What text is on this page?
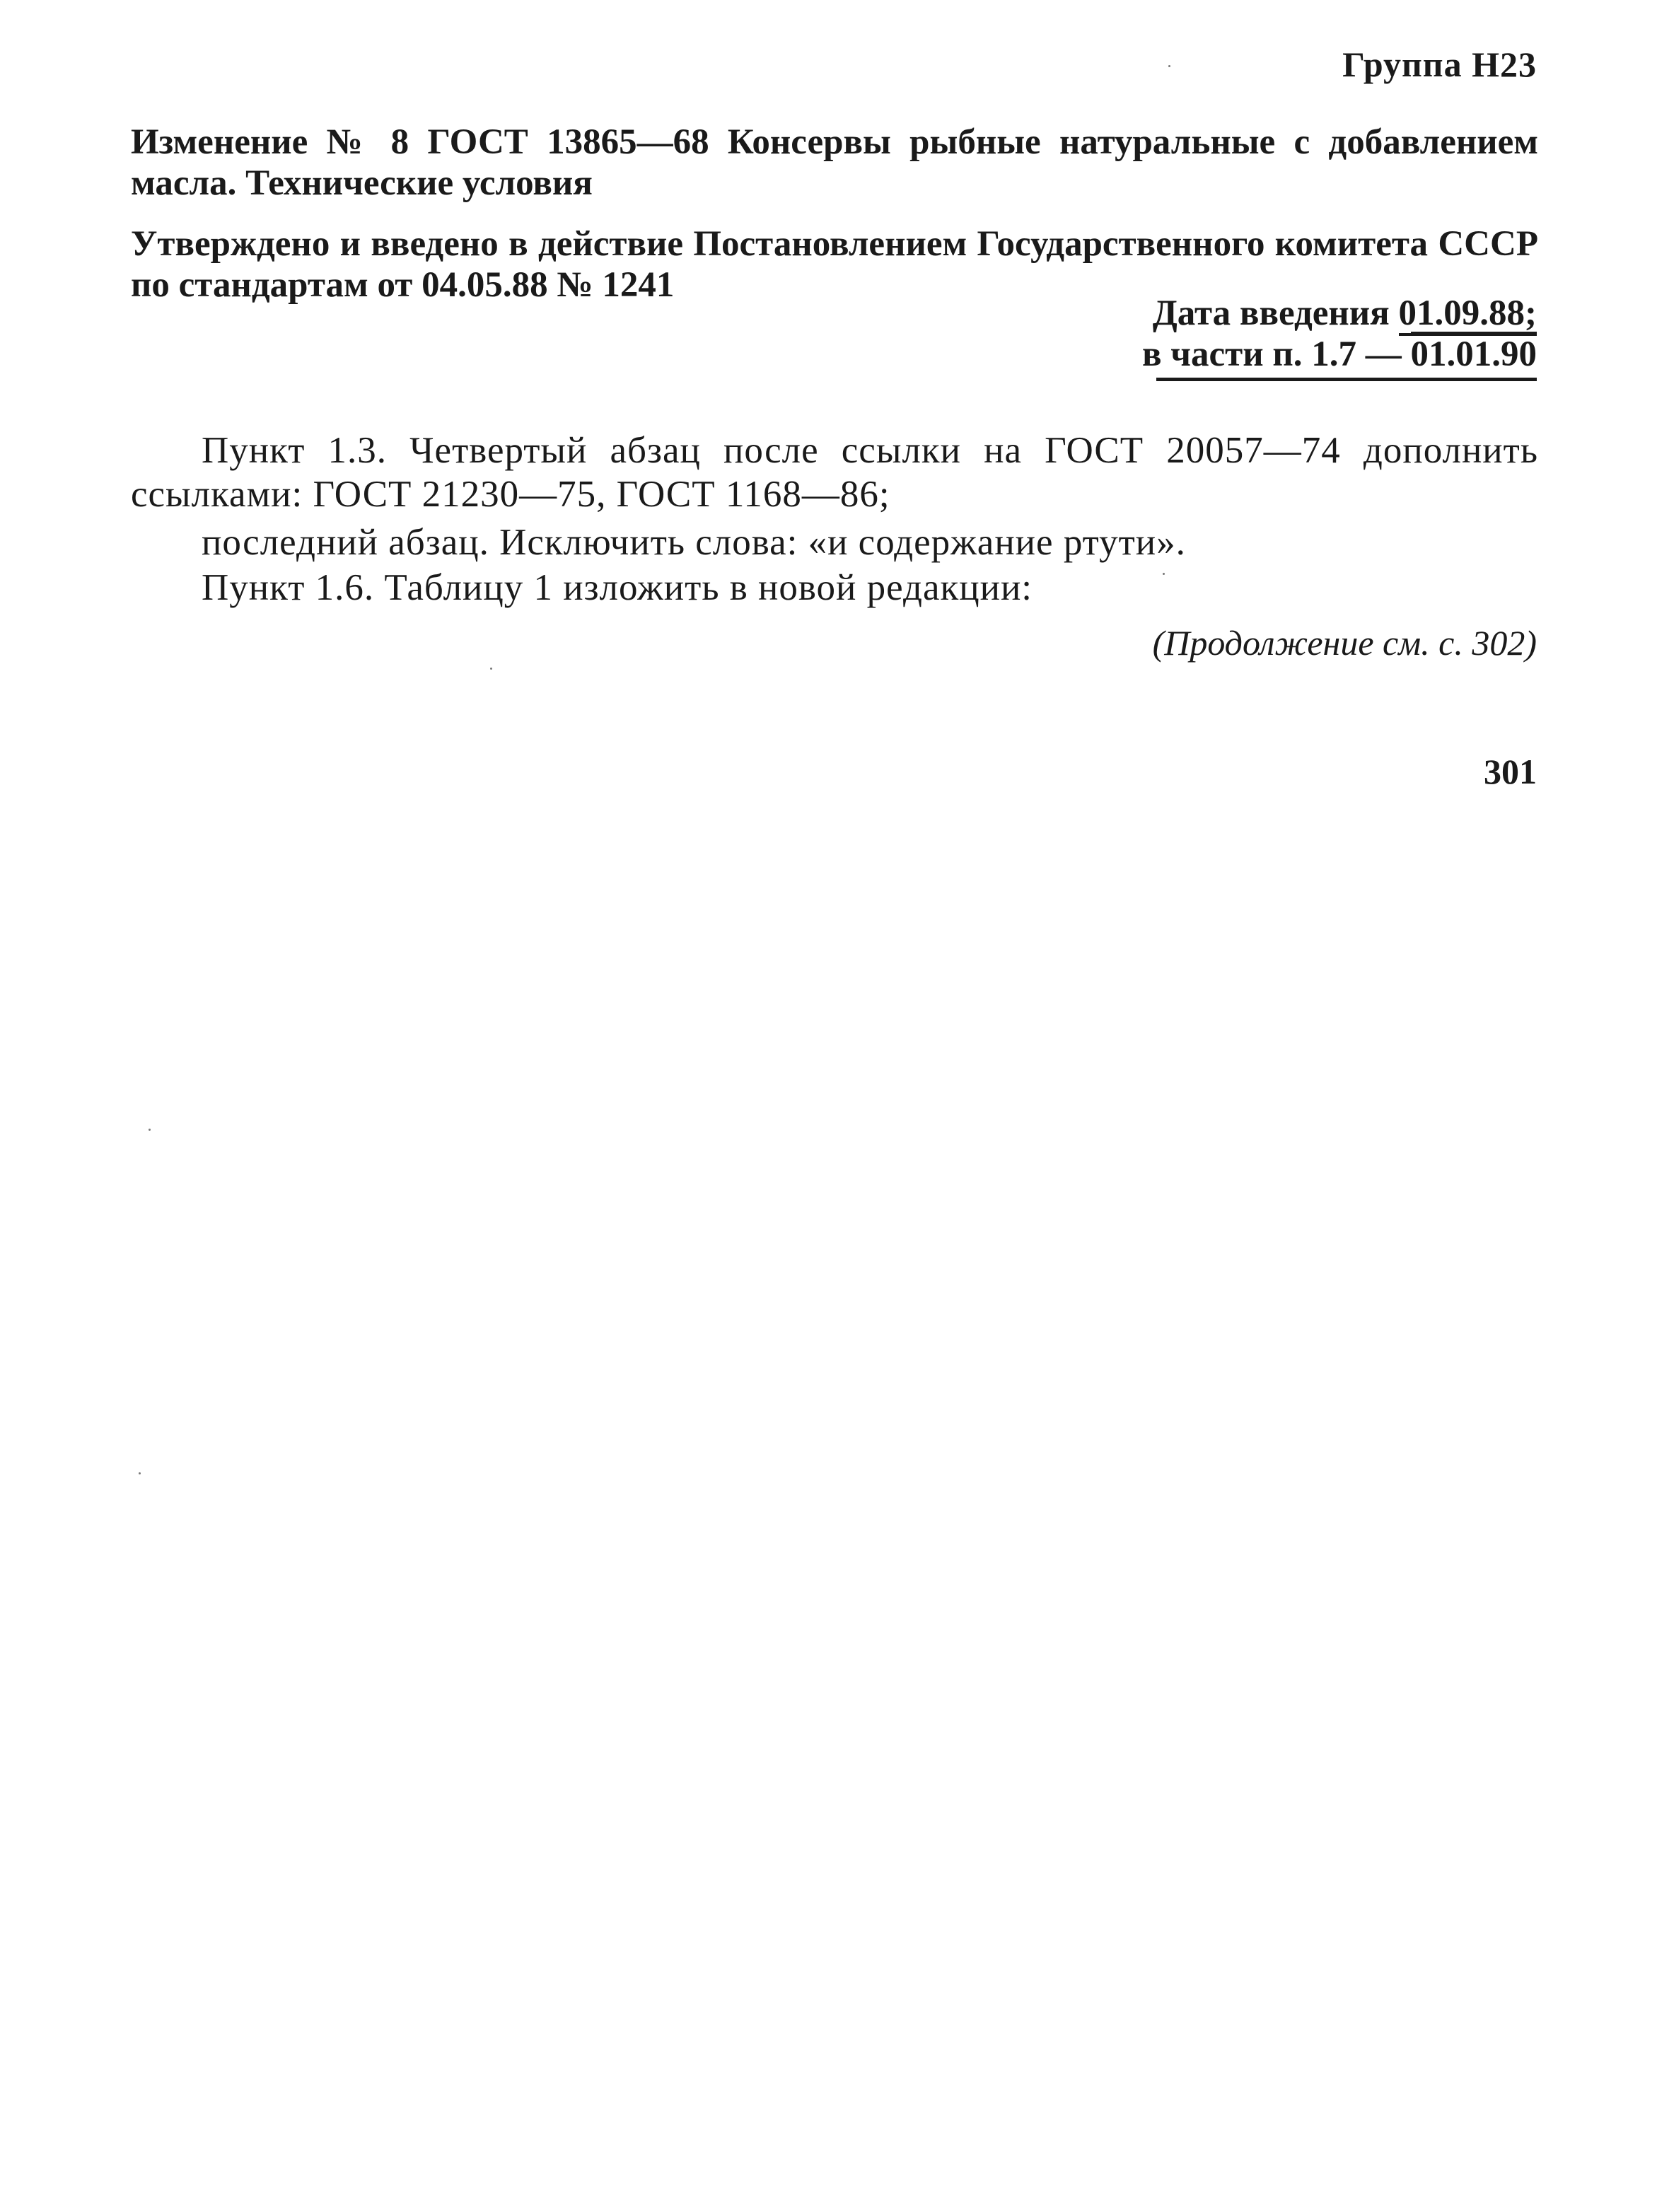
Группа Н23
Изменение № 8 ГОСТ 13865—68 Консервы рыбные натуральные с добавлением масла. Технические условия
Утверждено и введено в действие Постановлением Государственного комитета СССР по стандартам от 04.05.88 № 1241
Дата введения 01.09.88;
в части п. 1.7 — 01.01.90
Пункт 1.3. Четвертый абзац после ссылки на ГОСТ 20057—74 дополнить ссылками: ГОСТ 21230—75, ГОСТ 1168—86;
последний абзац. Исключить слова: «и содержание ртути».
Пункт 1.6. Таблицу 1 изложить в новой редакции:
(Продолжение см. с. 302)
301
